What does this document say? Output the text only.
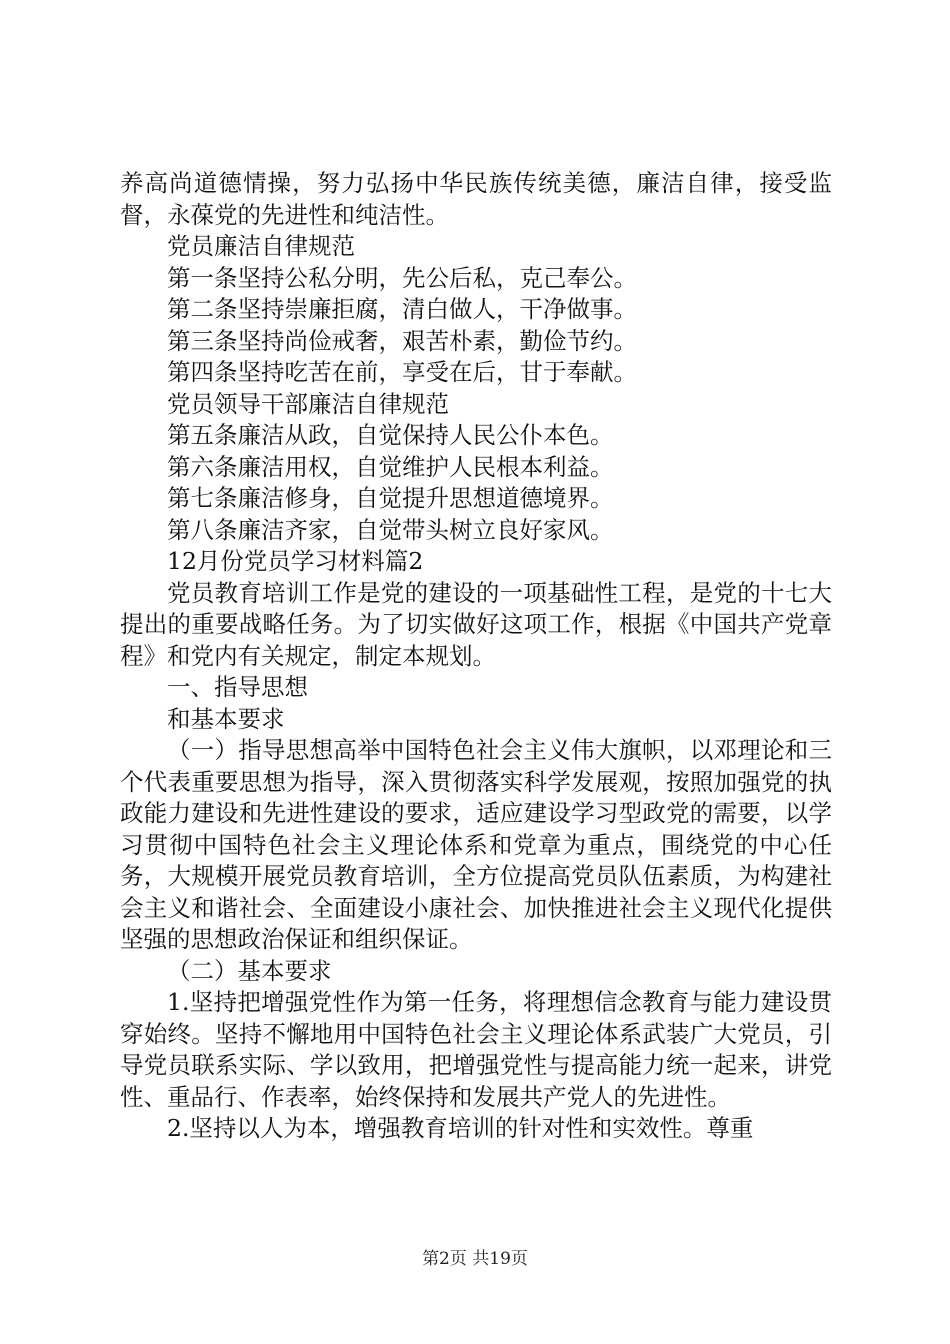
养高尚道德情操，努力弘扬中华民族传统美德，廉洁自律，接受监督，永葆党的先进性和纯洁性。

党员廉洁自律规范

第一条坚持公私分明，先公后私，克己奉公。

第二条坚持崇廉拒腐，清白做人，干净做事。

第三条坚持尚俭戒奢，艰苦朴素，勤俭节约。

第四条坚持吃苦在前，享受在后，甘于奉献。

党员领导干部廉洁自律规范

第五条廉洁从政，自觉保持人民公仆本色。

第六条廉洁用权，自觉维护人民根本利益。

第七条廉洁修身，自觉提升思想道德境界。

第八条廉洁齐家，自觉带头树立良好家风。

12月份党员学习材料篇2

党员教育培训工作是党的建设的一项基础性工程，是党的十七大提出的重要战略任务。为了切实做好这项工作，根据《中国共产党章程》和党内有关规定，制定本规划。

一、指导思想

和基本要求

（一）指导思想高举中国特色社会主义伟大旗帜，以邓理论和三个代表重要思想为指导，深入贯彻落实科学发展观，按照加强党的执政能力建设和先进性建设的要求，适应建设学习型政党的需要，以学习贯彻中国特色社会主义理论体系和党章为重点，围绕党的中心任务，大规模开展党员教育培训，全方位提高党员队伍素质，为构建社会主义和谐社会、全面建设小康社会、加快推进社会主义现代化提供坚强的思想政治保证和组织保证。

（二）基本要求

1.坚持把增强党性作为第一任务，将理想信念教育与能力建设贯穿始终。坚持不懈地用中国特色社会主义理论体系武装广大党员，引导党员联系实际、学以致用，把增强党性与提高能力统一起来，讲党性、重品行、作表率，始终保持和发展共产党人的先进性。

2.坚持以人为本，增强教育培训的针对性和实效性。尊重

第2页 共19页
